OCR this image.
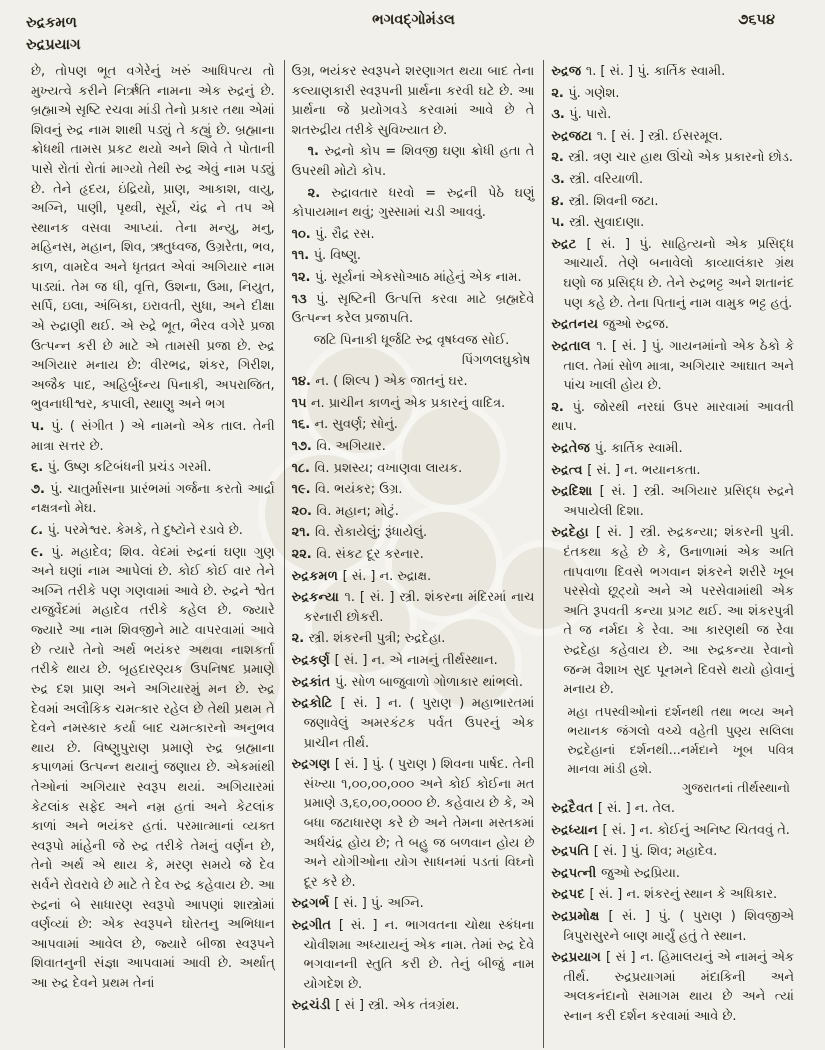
રુદ્રકમળ
રુદ્રપ્રયાગ
ભગવદ્ગોમંડલ	૭૬૫૪

છે, તોપણ ભૂત વગેરેનું ખરું આધિપત્ય તો મુખ્યત્વે કરીને નિર્ઋતિ નામના એક રુદ્રનું છે. બ્રહ્માએ સૃષ્ટિ રચવા માંડી તેનો પ્રકાર તથા એમાં શિવનું રુદ્ર નામ શાથી પડ્યું તે કહ્યું છે. બ્રહ્માના ક્રોધથી તામસ પ્રકટ થયો અને શિવે તે પોતાની પાસે રોતાં રોતાં માગ્યો તેથી રુદ્ર એવું નામ પડ્યું છે. તેને હૃદય, ઇંદ્રિયો, પ્રાણ, આકાશ, વાયુ, અગ્નિ, પાણી, પૃથ્વી, સૂર્ય, ચંદ્ર ને તપ એ સ્થાનક વસવા આપ્યાં. તેના મન્યુ, મનુ, મહિનસ, મહાન, શિવ, ઋતુધ્વજ, ઉગ્રરેતા, ભવ, કાળ, વામદેવ અને ધૃતવ્રત એવાં અગિયાર નામ પાડ્યાં. તેમ જ ધી, વૃત્તિ, ઉશના, ઉમા, નિયુત, સર્પિ, ઇલા, અંબિકા, ઇરાવતી, સુધા, અને દીક્ષા એ રુદ્રાણી થઈ. એ રુદ્રે ભૂત, ભૈરવ વગેરે પ્રજા ઉત્પન્ન કરી છે માટે એ તામસી પ્રજા છે. રુદ્ર અગિયાર મનાય છે: વીરભદ્ર, શંકર, ગિરીશ, અજૈક પાદ, અહિર્બુધ્ન્ય પિનાકી, અપરાજિત, ભુવનાધીશ્વર, કપાલી, સ્થાણુ અને ભગ

૫. પું. ( સંગીત ) એ નામનો એક તાલ. તેની માત્રા સત્તર છે.

૬. પું. ઉષ્ણ કટિબંધની પ્રચંડ ગરમી.

૭. પું. ચાતુર્માસના પ્રારંભમાં ગર્જના કરતો આર્દ્રા નક્ષત્રનો મેઘ.

૮. પું. પરમેશ્વર. કેમકે, તે દુષ્ટોને રડાવે છે.

૯. પું. મહાદેવ; શિવ. વેદમાં રુદ્રનાં ઘણા ગુણ અને ઘણાં નામ આપેલાં છે. કોઈ કોઈ વાર તેને અગ્નિ તરીકે પણ ગણવામાં આવે છે. રુદ્રને શ્વેત યજુર્વેદમાં મહાદેવ તરીકે કહેલ છે. જ્યારે જ્યારે આ નામ શિવજીને માટે વાપરવામાં આવે છે ત્યારે તેનો અર્થ ભયંકર અથવા નાશકર્તા તરીકે થાય છે. બૃહદારણ્યક ઉપનિષદ પ્રમાણે રુદ્ર દશ પ્રાણ અને અગિયારમું મન છે. રુદ્ર દેવમાં અલૌકિક ચમત્કાર રહેલ છે તેથી પ્રથમ તે દેવને નમસ્કાર કર્યા બાદ ચમત્કારનો અનુભવ થાય છે. વિષ્ણુપુરાણ પ્રમાણે રુદ્ર બ્રહ્માના કપાળમાં ઉત્પન્ન થયાનું જણાય છે. એકમાંથી તેઓનાં અગિયાર સ્વરૂપ થયાં. અગિયારમાં કેટલાંક સફેદ અને નમ્ર હતાં અને કેટલાંક કાળાં અને ભયંકર હતાં. પરમાત્માનાં વ્યક્ત સ્વરૂપો માંહેની જે રુદ્ર તરીકે તેમનું વર્ણન છે, તેનો અર્થ એ થાય કે, મરણ સમયે જે દેવ સર્વને રોવરાવે છે માટે તે દેવ રુદ્ર કહેવાય છે. આ રુદ્રનાં બે સાધારણ સ્વરૂપો આપણાં શાસ્ત્રોમાં વર્ણવ્યાં છે: એક સ્વરૂપને ઘોરતનુ અભિધાન આપવામાં આવેલ છે, જ્યારે બીજા સ્વરૂપને શિવાતનુની સંજ્ઞા આપવામાં આવી છે. અર્થાત્ આ રુદ્ર દેવને પ્રથમ તેનાં

ઉગ્ર, ભયંકર સ્વરૂપને શરણાગત થયા બાદ તેના કલ્યાણકારી સ્વરૂપની પ્રાર્થના કરવી ઘટે છે. આ પ્રાર્થના જે પ્રયોગવડે કરવામાં આવે છે તે શતરુદ્રીય તરીકે સુવિખ્યાત છે.

૧. રુદ્રનો કોપ = શિવજી ઘણા ક્રોધી હતા તે ઉપરથી મોટો કોપ.

૨. રુદ્રાવતાર ધરવો = રુદ્રની પેઠે ઘણું કોપાયમાન થવું; ગુસ્સામાં ચડી આવવું.

૧૦. પું. રૌદ્ર રસ.

૧૧. પું. વિષ્ણુ.

૧૨. પું. સૂર્યનાં એકસોઆઠ માંહેનું એક નામ.

૧૩ પું. સૃષ્ટિની ઉત્પત્તિ કરવા માટે બ્રહ્મદેવે ઉત્પન્ન કરેલ પ્રજાપતિ.

જટિ પિનાકી ધૂર્જટિ રુદ્ર વૃષધ્વજ સોઈ.
પિંગળલઘુકોષ

૧૪. ન. ( શિલ્પ ) એક જાતનું ઘર.

૧૫ ન. પ્રાચીન કાળનું એક પ્રકારનું વાદિત્ર.

૧૬. ન. સુવર્ણ; સોનું.

૧૭. વિ. અગિયાર.

૧૮. વિ. પ્રશસ્ય; વખાણવા લાયક.

૧૯. વિ. ભયંકર; ઉગ્ર.

૨૦. વિ. મહાન; મોટું.

૨૧. વિ. રોકાયેલું; રૂંધાયેલું.

૨૨. વિ. સંકટ દૂર કરનાર.

રુદ્રકમળ [ સં. ] ન. રુદ્રાક્ષ.

રુદ્રકન્યા ૧. [ સં. ] સ્ત્રી. શંકરના મંદિરમાં નાચ કરનારી છોકરી.

૨. સ્ત્રી. શંકરની પુત્રી; રુદ્રદેહા.

રુદ્રકર્ણ [ સં. ] ન. એ નામનું તીર્થસ્થાન.

રુદ્રકાંત પું. સોળ બાજુવાળો ગોળાકાર થાંભલો.

રુદ્રકોટિ [ સં. ] ન. ( પુરાણ ) મહાભારતમાં જણાવેલું અમરકંટક પર્વત ઉપરનું એક પ્રાચીન તીર્થ.

રુદ્રગણ [ સં. ] પું. ( પુરાણ ) શિવના પાર્ષદ. તેની સંખ્યા ૧,૦૦,૦૦,૦૦૦ અને કોઈ કોઈના મત પ્રમાણે ૩,૬૦,૦૦,૦૦૦૦ છે. કહેવાય છે કે, એ બધા જટાધારણ કરે છે અને તેમના મસ્તકમાં અર્ધચંદ્ર હોય છે; તે બહુ જ બળવાન હોય છે અને યોગીઓના યોગ સાધનમાં પડતાં વિઘ્નો દૂર કરે છે.

રુદ્રગર્ભ [ સં. ] પું. અગ્નિ.

રુદ્રગીત [ સં. ] ન. ભાગવતના ચોથા સ્કંધના ચોવીશમા અધ્યાયનું એક નામ. તેમાં રુદ્ર દેવે ભગવાનની સ્તુતિ કરી છે. તેનું બીજું નામ યોગદેશ છે.

રુદ્રચંડી [ સં ] સ્ત્રી. એક તંત્રગ્રંથ.

રુદ્રજ ૧. [ સં. ] પું. કાર્તિક સ્વામી.

૨. પું. ગણેશ.

૩. પું. પારો.

રુદ્રજટા ૧. [ સં. ] સ્ત્રી. ઈસરમૂલ.

૨. સ્ત્રી. ત્રણ ચાર હાથ ઊંચો એક પ્રકારનો છોડ.

૩. સ્ત્રી. વરિયાળી.

૪. સ્ત્રી. શિવની જટા.

૫. સ્ત્રી. સુવાદાણા.

રુદ્રટ [ સં. ] પું. સાહિત્યનો એક પ્રસિદ્ધ આચાર્ય. તેણે બનાવેલો કાવ્યાલંકાર ગ્રંથ ઘણો જ પ્રસિદ્ધ છે. તેને રુદ્રભટ્ટ અને શતાનંદ પણ કહે છે. તેના પિતાનું નામ વામુક ભટ્ટ હતું.

રુદ્રતનય જુઓ રુદ્રજ.

રુદ્રતાલ ૧. [ સં. ] પું. ગાયનમાંનો એક ઠેકો કે તાલ. તેમાં સોળ માત્રા, અગિયાર આઘાત અને પાંચ ખાલી હોય છે.

૨. પું. જોરથી નરઘાં ઉપર મારવામાં આવતી થાપ.

રુદ્રતેજ પું. કાર્તિક સ્વામી.

રુદ્રત્વ [ સં. ] ન. ભયાનકતા.

રુદ્રદિશા [ સં. ] સ્ત્રી. અગિયાર પ્રસિદ્ધ રુદ્રને અપાયેલી દિશા.

રુદ્રદેહા [ સં. ] સ્ત્રી. રુદ્રકન્યા; શંકરની પુત્રી. દંતકથા કહે છે કે, ઉનાળામાં એક અતિ તાપવાળા દિવસે ભગવાન શંકરને શરીરે ખૂબ પરસેવો છૂટ્યો અને એ પરસેવામાંથી એક અતિ રૂપવતી કન્યા પ્રગટ થઈ. આ શંકરપુત્રી તે જ નર્મદા કે રેવા. આ કારણથી જ રેવા રુદ્રદેહા કહેવાય છે. આ રુદ્રકન્યા રેવાનો જન્મ વૈશાખ સુદ પૂનમને દિવસે થયો હોવાનું મનાય છે.

મહા તપસ્વીઓનાં દર્શનથી તથા ભવ્ય અને ભયાનક જંગલો વચ્ચે વહેતી પુણ્ય સલિલા રુદ્રદેહાનાં દર્શનથી...નર્મદાને ખૂબ પવિત્ર માનવા માંડી હશે.
ગુજરાતનાં તીર્થસ્થાનો

રુદ્રદૈવત [ સં. ] ન. તેલ.

રુદ્રધ્યાન [ સં. ] ન. કોઈનું અનિષ્ટ ચિતવવું તે.

રુદ્રપતિ [ સં. ] પું. શિવ; મહાદેવ.

રુદ્રપત્ની જુઓ રુદ્રપ્રિયા.

રુદ્રપદ [ સં. ] ન. શંકરનું સ્થાન કે અધિકાર.

રુદ્રપ્રમોક્ષ [ સં. ] પું. ( પુરાણ ) શિવજીએ ત્રિપુરાસુરને બાણ માર્યું હતું તે સ્થાન.

રુદ્રપ્રયાગ [ સં ] ન. હિમાલયનું એ નામનું એક તીર્થ. રુદ્રપ્રયાગમાં મંદાકિની અને અલકનંદાનો સમાગમ થાય છે અને ત્યાં સ્નાન કરી દર્શન કરવામાં આવે છે.
